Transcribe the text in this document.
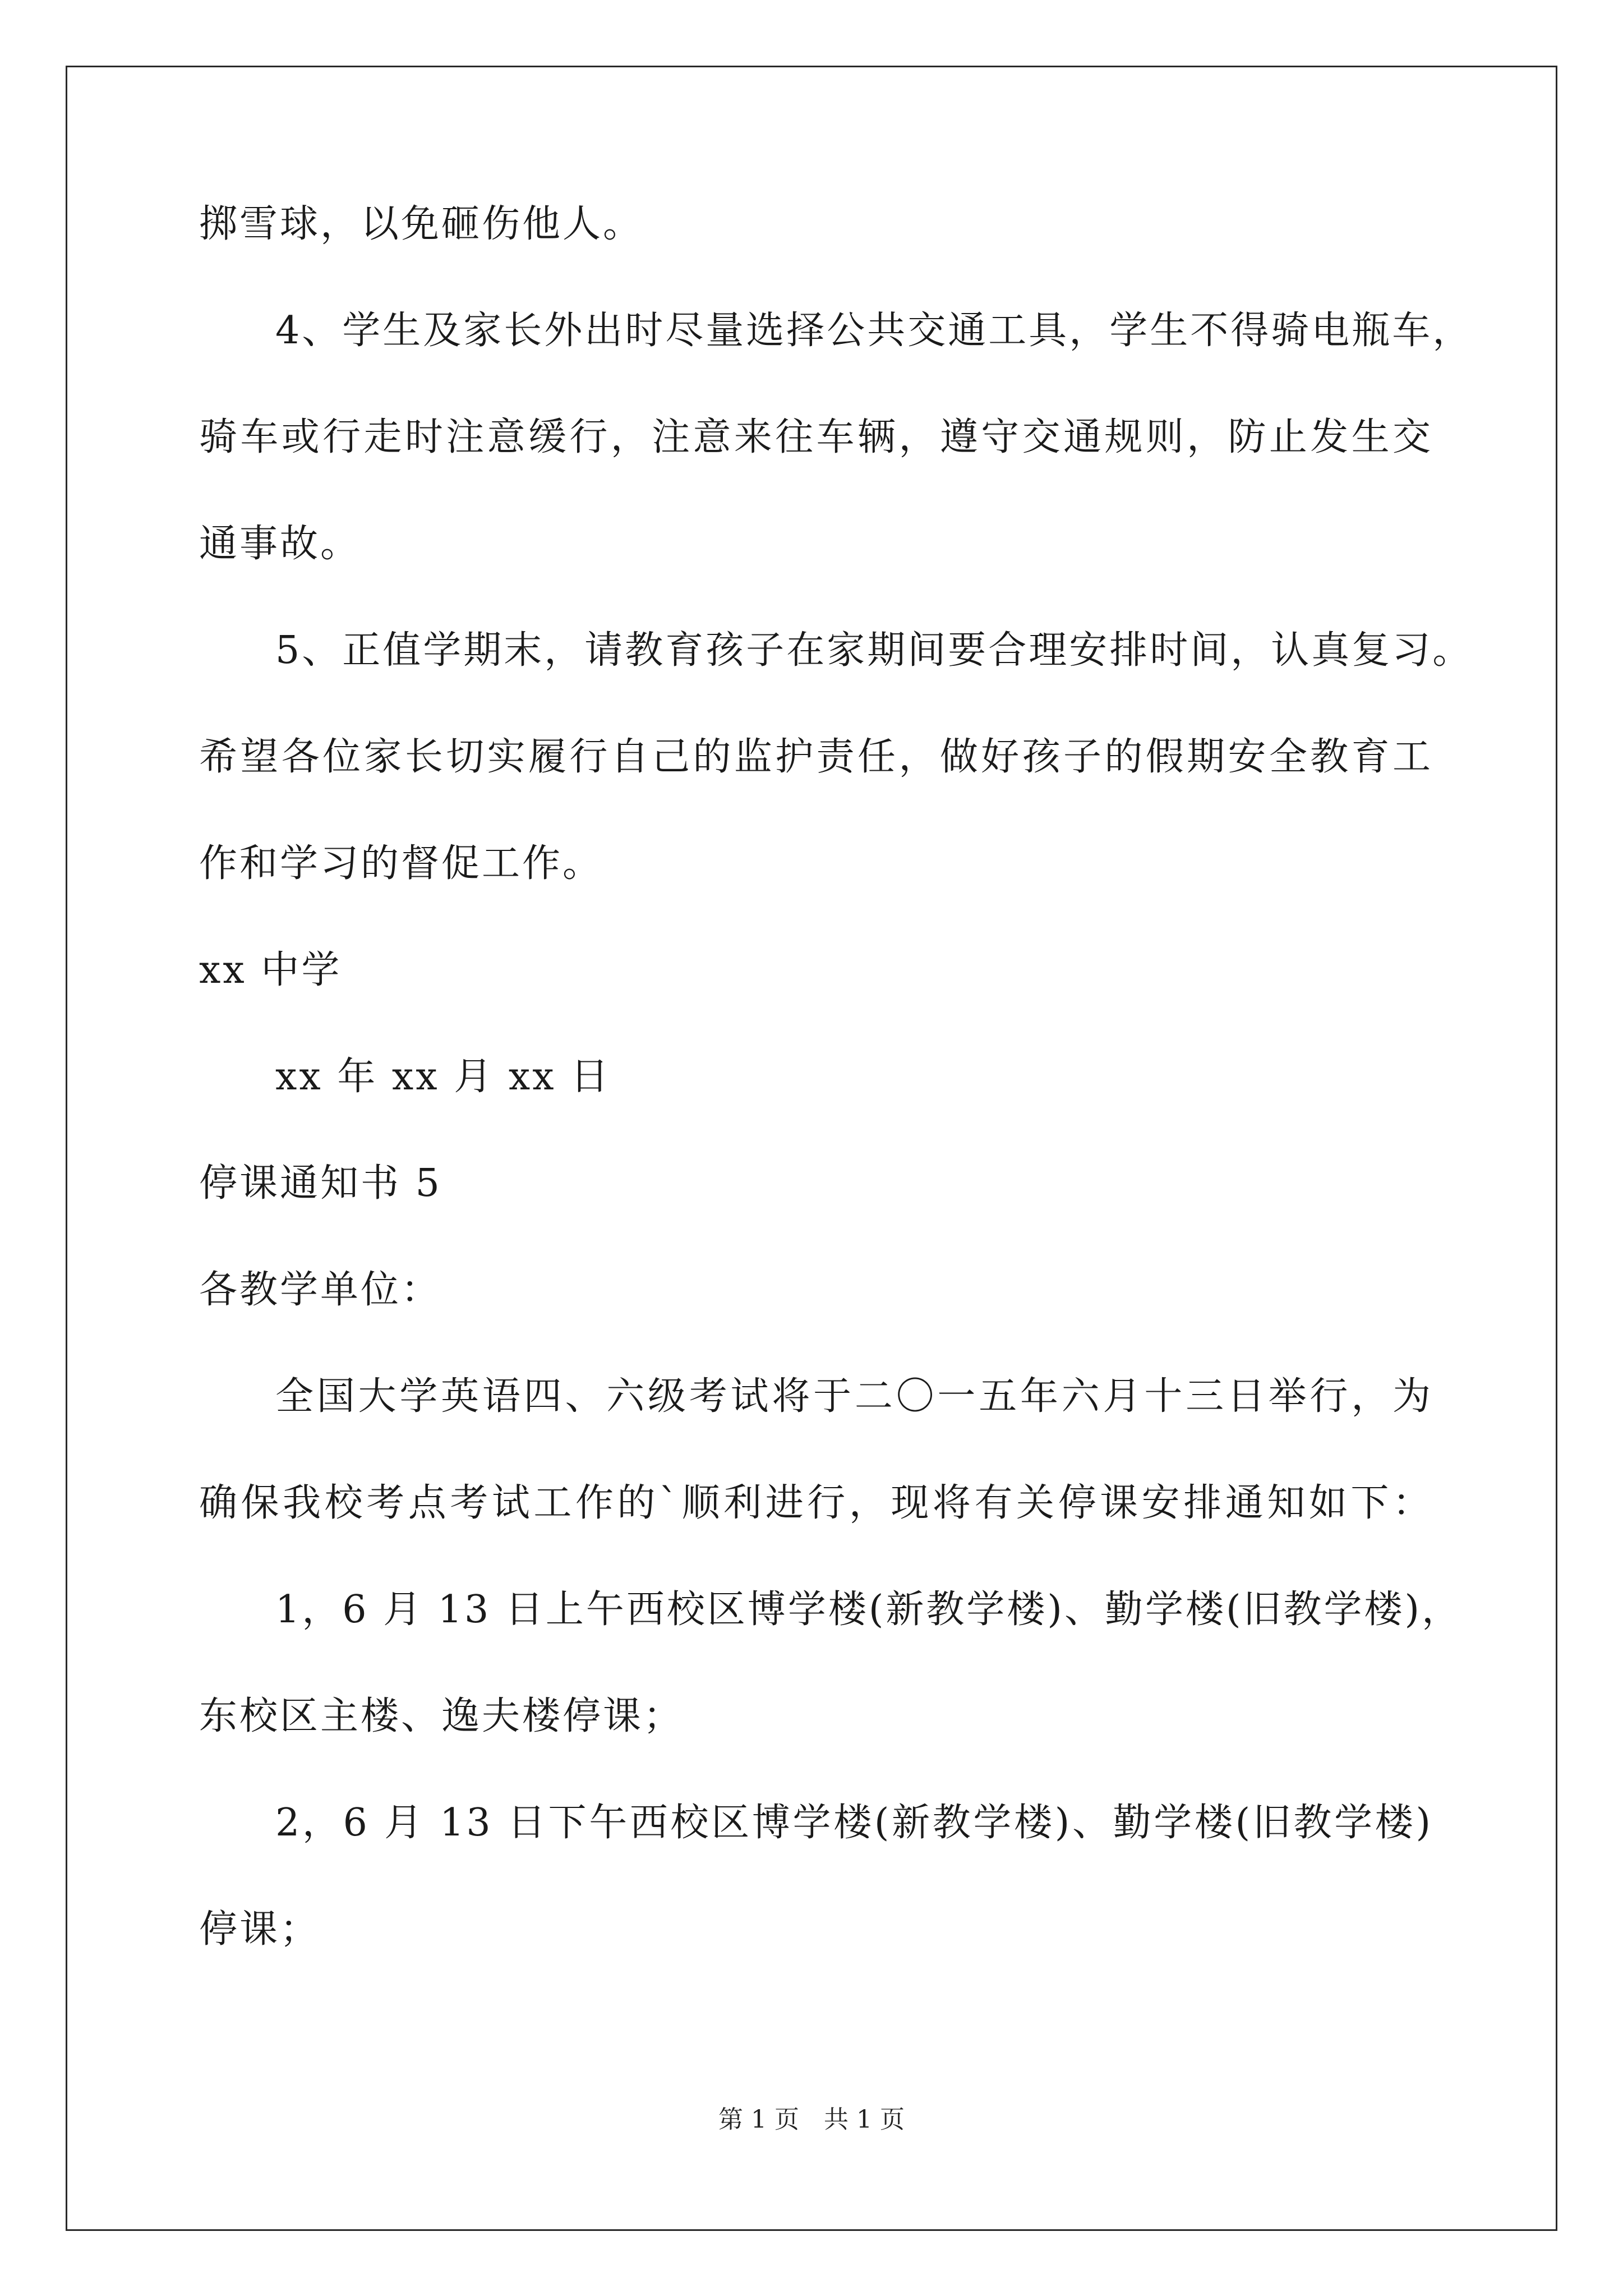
掷雪球，以免砸伤他人。
4、学生及家长外出时尽量选择公共交通工具，学生不得骑电瓶车，
骑车或行走时注意缓行，注意来往车辆，遵守交通规则，防止发生交
通事故。
5、正值学期末，请教育孩子在家期间要合理安排时间，认真复习。
希望各位家长切实履行自己的监护责任，做好孩子的假期安全教育工
作和学习的督促工作。
xx 中学
xx 年 xx 月 xx 日
停课通知书 5
各教学单位：
全国大学英语四、六级考试将于二〇一五年六月十三日举行，为
确保我校考点考试工作的`顺利进行，现将有关停课安排通知如下：
1，6 月 13 日上午西校区博学楼(新教学楼)、勤学楼(旧教学楼)，
东校区主楼、逸夫楼停课；
2，6 月 13 日下午西校区博学楼(新教学楼)、勤学楼(旧教学楼)
停课；
第 1 页　共 1 页
